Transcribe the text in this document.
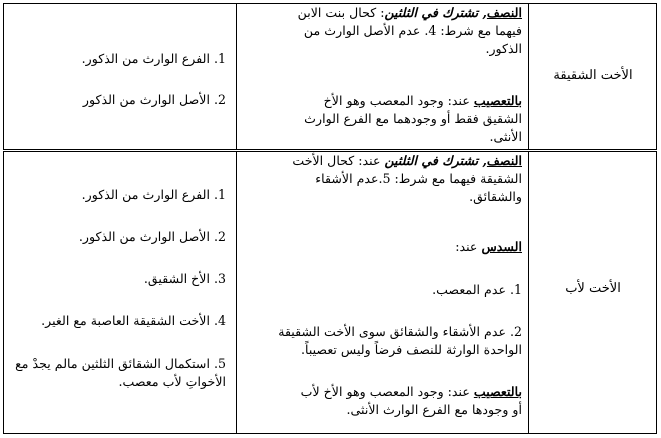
1. الفرع الوارث من الذكور.
2. الأصل الوارث من الذكور
النصف, تشترك في الثلثين: كحال بنت الابن
فيهما مع شرط: 4. عدم الأصل الوارث من
الذكور.
بالتعصيب عند: وجود المعصب وهو الأخ
الشقيق فقط أو وجودهما مع الفرع الوارث
الأنثى.
الأخت الشقيقة
1. الفرع الوارث من الذكور.
2. الأصل الوارث من الذكور.
3. الأخ الشقيق.
4. الأخت الشقيقة العاصبة مع الغير.
5. استكمال الشقائق الثلثين مالم يجدْ مع
الأخواتِ لأب معصب.
النصف, تشترك في الثلثين عند: كحال الأخت
الشقيقة فيهما مع شرط: 5.عدم الأشقاء
والشقائق.
السدس عند:
1. عدم المعصب.
2. عدم الأشقاء والشقائق سوى الأخت الشقيقة
الواحدة الوارثة للنصف فرضاً وليس تعصيباً.
بالتعصيب عند: وجود المعصب وهو الأخ لأب
أو وجودها مع الفرع الوارث الأنثى.
الأخت لأب
